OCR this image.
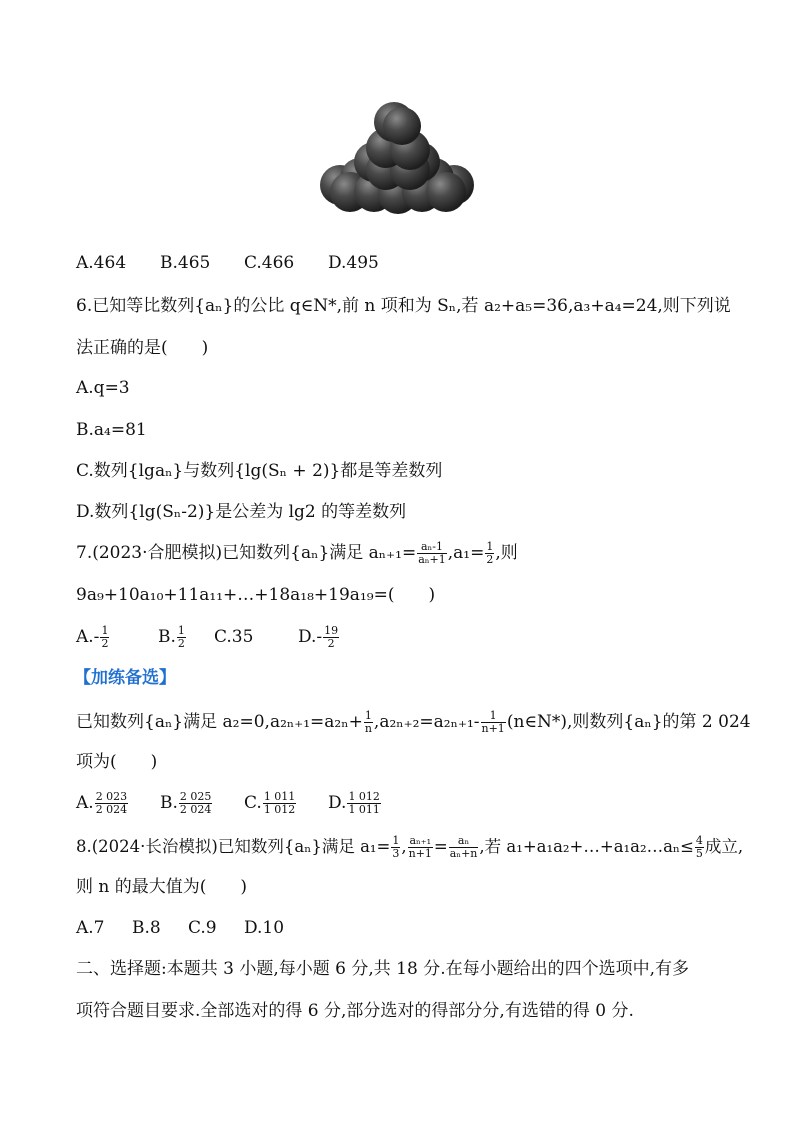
A.464 B.465 C.466 D.495
6.已知等比数列{aₙ}的公比 q∈N*,前 n 项和为 Sₙ,若 a₂+a₅=36,a₃+a₄=24,则下列说
法正确的是(　　)
A.q=3
B.a₄=81
C.数列{lgaₙ}与数列{lg(Sₙ + 2)}都是等差数列
D.数列{lg(Sₙ-2)}是公差为 lg2 的等差数列
7.(2023·合肥模拟)已知数列{aₙ}满足 $a_{n+1}= \frac{\text{aₙ-1}}{\text{aₙ+1}} ,a_1= \frac{1}{2}$ ,则
9a₉+10a₁₀+11a₁₁+…+18a₁₈+19a₁₉=(　　)
$A.- \frac{1}{2}$	B. $\frac{1}{2} C.35$	$D.- \frac{19}{2}$
【加练备选】
已知数列{aₙ}满足 $a_2=0,a_{2n+1}=a_{2n}+ \frac{1}{n} ,a_{2n+2}=a_{2n+1}- \frac{1}{n+1}$ (n∈N*),则数列{aₙ}的第 2 024
项为(　　)
A. $\frac{2 023}{2 024} B$. $\frac{2 025}{2 024} C$. $\frac{1 011}{1 012} D$. $\frac{1 012}{1 011}$
8.(2024·长治模拟)已知数列{aₙ}满足 $a_1= \frac{1}{3}$ , $\frac{\text{aₙ₊₁}}{n+1} = \frac{\text{aₙ}}{\text{aₙ+n}}$ ,若 a₁+a₁a₂+…+a₁a₂…aₙ≤ $\frac{4}{5}$ 成立,
则 n 的最大值为(　　)
A.7 B.8 C.9 D.10
二、选择题:本题共 3 小题,每小题 6 分,共 18 分.在每小题给出的四个选项中,有多
项符合题目要求.全部选对的得 6 分,部分选对的得部分分,有选错的得 0 分.
